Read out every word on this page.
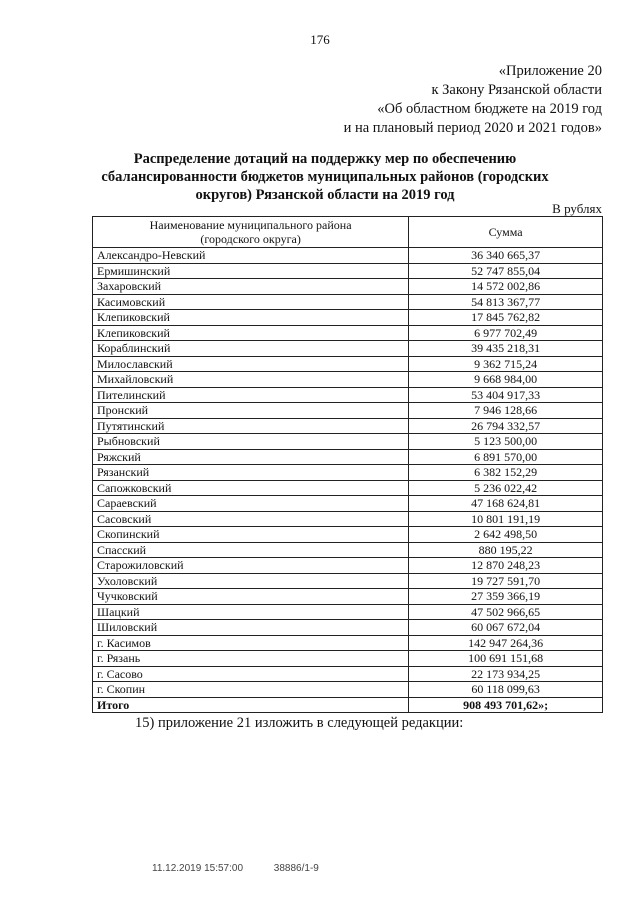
176
«Приложение 20
к Закону Рязанской области
«Об областном бюджете на 2019 год
и на плановый период 2020 и 2021 годов»
Распределение дотаций на поддержку мер по обеспечению
сбалансированности бюджетов муниципальных районов (городских
округов) Рязанской области на 2019 год
В рублях
Наименование муниципального района
(городского округа)	Сумма
Александро-Невский	36 340 665,37
Ермишинский	52 747 855,04
Захаровский	14 572 002,86
Касимовский	54 813 367,77
Клепиковский	17 845 762,82
Клепиковский	6 977 702,49
Кораблинский	39 435 218,31
Милославский	9 362 715,24
Михайловский	9 668 984,00
Пителинский	53 404 917,33
Пронский	7 946 128,66
Путятинский	26 794 332,57
Рыбновский	5 123 500,00
Ряжский	6 891 570,00
Рязанский	6 382 152,29
Сапожковский	5 236 022,42
Сараевский	47 168 624,81
Сасовский	10 801 191,19
Скопинский	2 642 498,50
Спасский	880 195,22
Старожиловский	12 870 248,23
Ухоловский	19 727 591,70
Чучковский	27 359 366,19
Шацкий	47 502 966,65
Шиловский	60 067 672,04
г. Касимов	142 947 264,36
г. Рязань	100 691 151,68
г. Сасово	22 173 934,25
г. Скопин	60 118 099,63
Итого	908 493 701,62»;
15) приложение 21 изложить в следующей редакции:
11.12.2019 15:57:00	38886/1-9
